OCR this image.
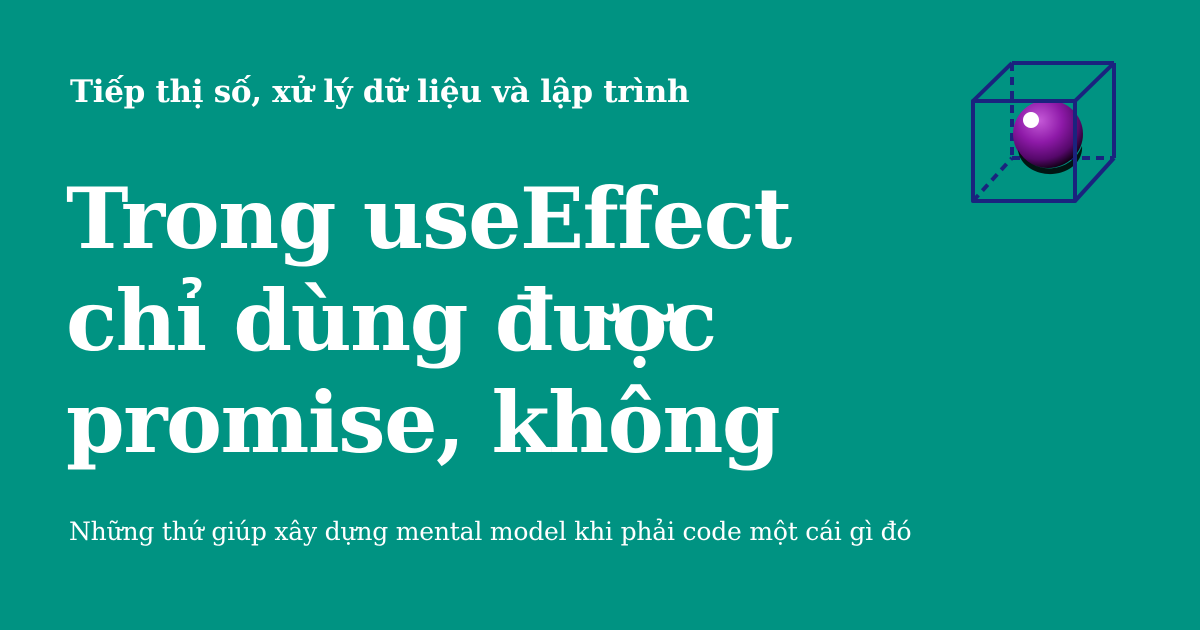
Tiếp thị số, xử lý dữ liệu và lập trình
Trong useEffect
chỉ dùng được
promise, không
Những thứ giúp xây dựng mental model khi phải code một cái gì đó
